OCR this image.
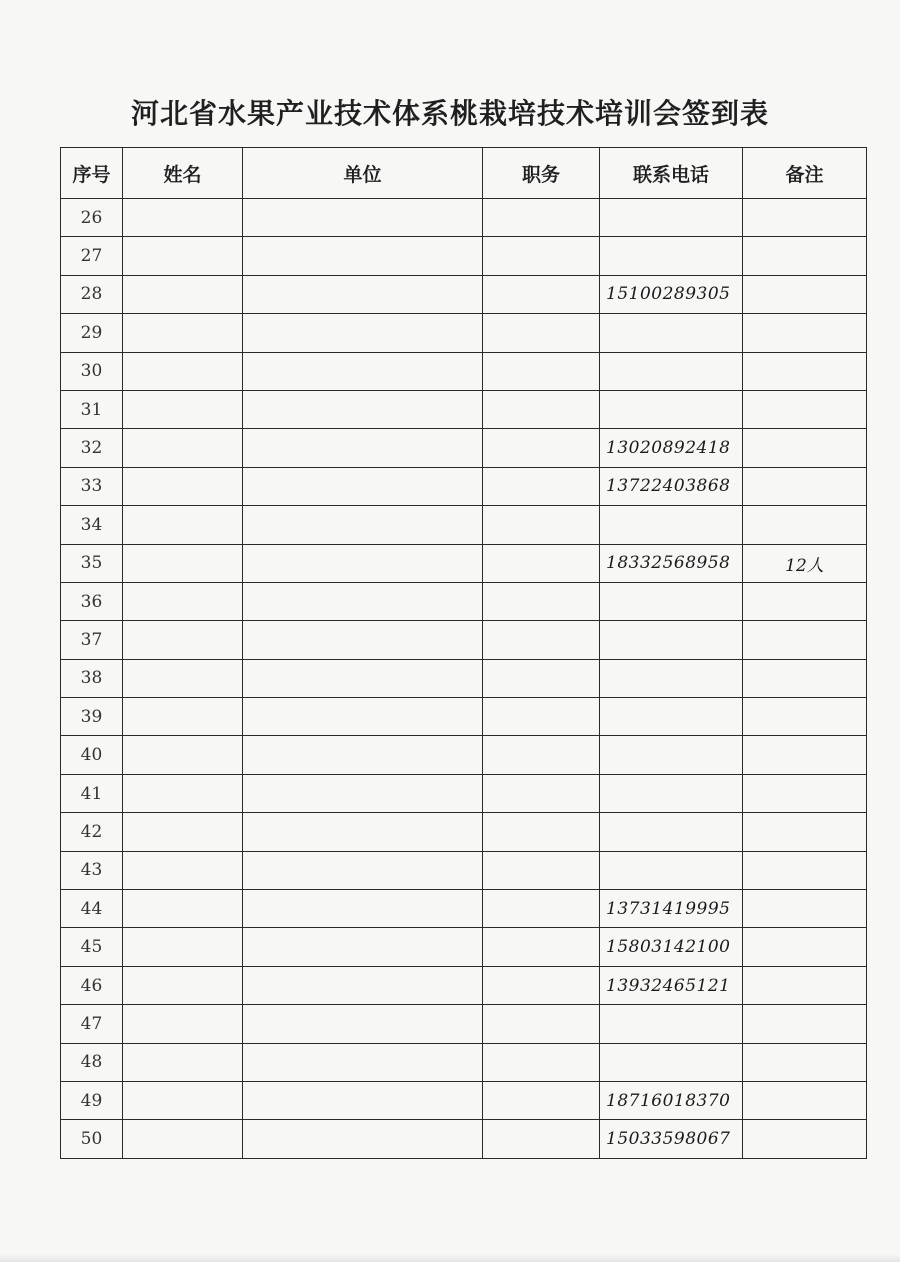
河北省水果产业技术体系桃栽培技术培训会签到表
序号	姓名	单位	职务	联系电话	备注
26					
27					
28				15100289305	
29					
30					
31					
32				13020892418	
33				13722403868	
34					
35				18332568958	12人
36					
37					
38					
39					
40					
41					
42					
43					
44				13731419995	
45				15803142100	
46				13932465121	
47					
48					
49				18716018370	
50				15033598067	
